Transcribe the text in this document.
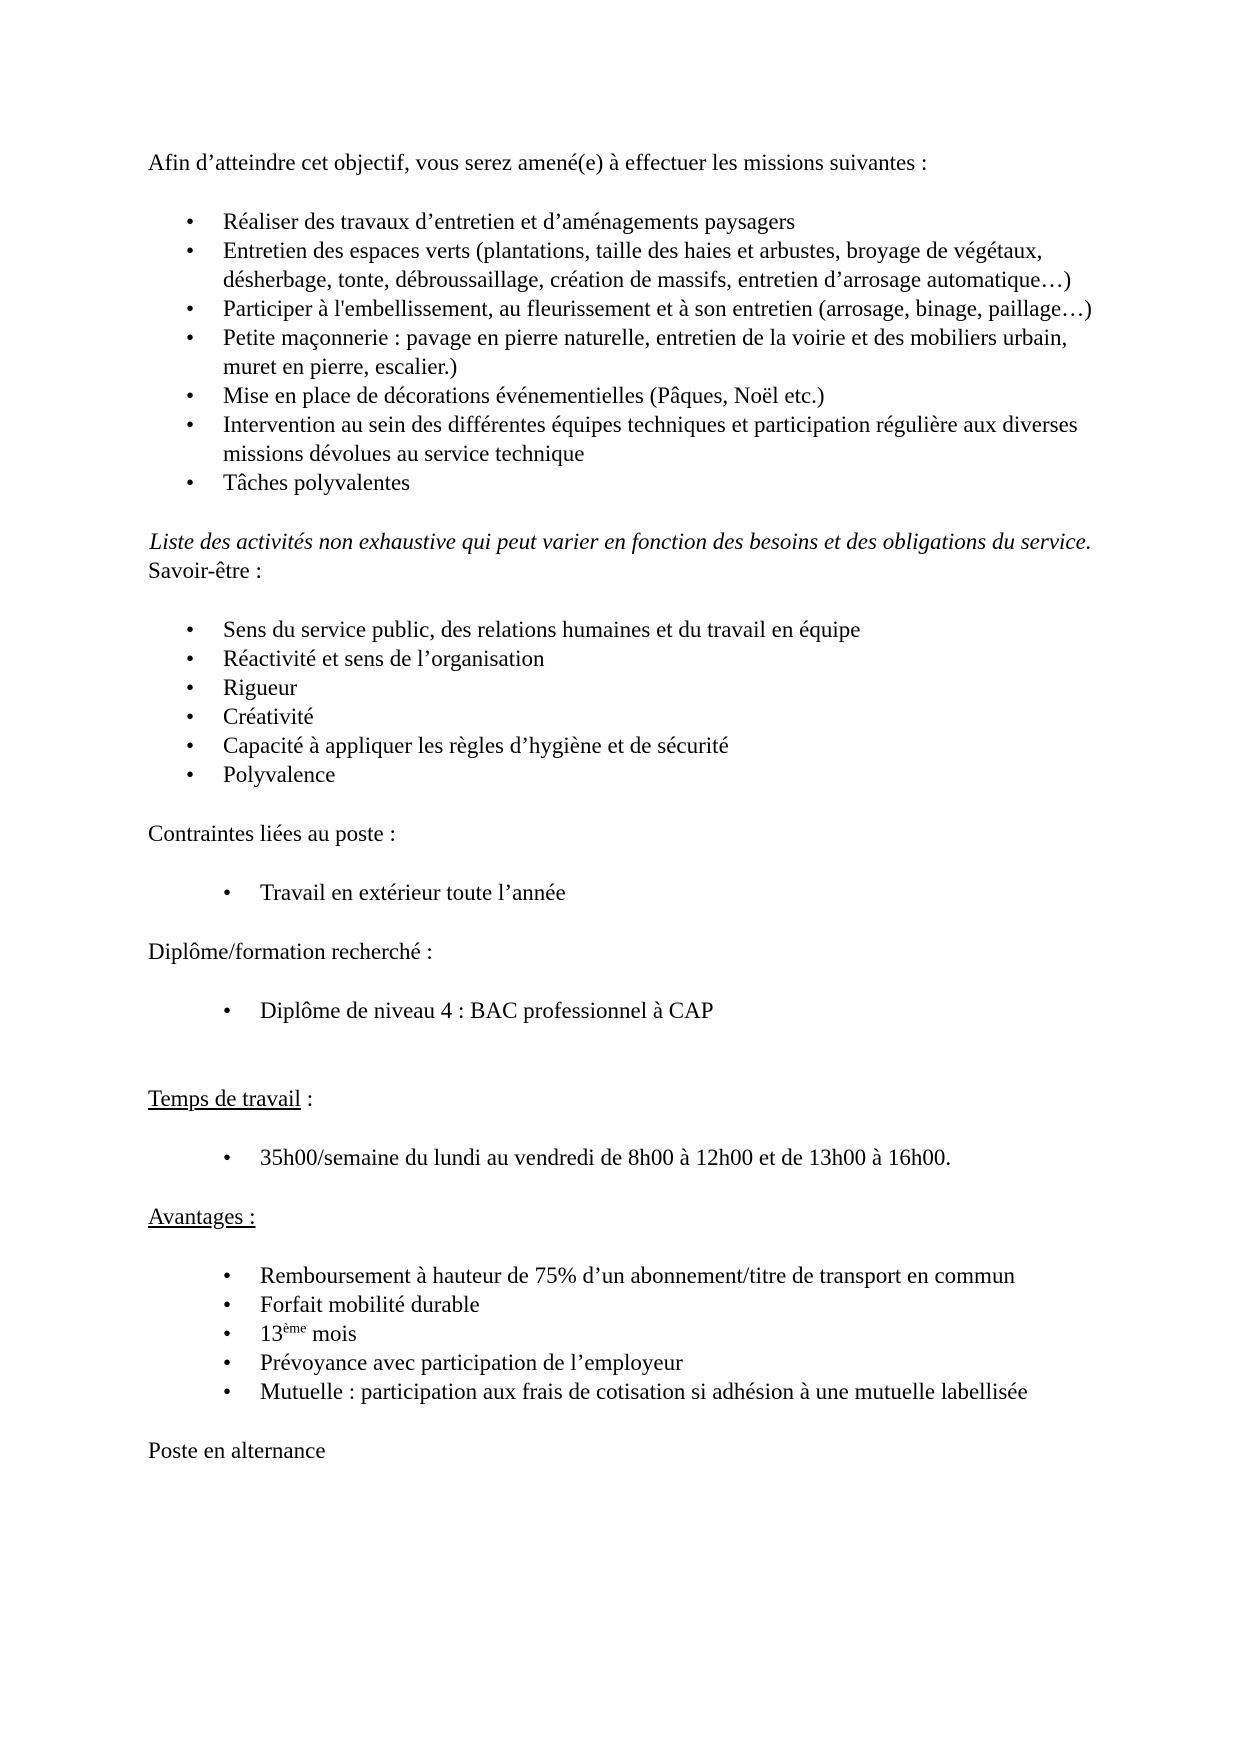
Afin d’atteindre cet objectif, vous serez amené(e) à effectuer les missions suivantes :

• Réaliser des travaux d’entretien et d’aménagements paysagers
• Entretien des espaces verts (plantations, taille des haies et arbustes, broyage de végétaux, désherbage, tonte, débroussaillage, création de massifs, entretien d’arrosage automatique…)
• Participer à l'embellissement, au fleurissement et à son entretien (arrosage, binage, paillage…)
• Petite maçonnerie : pavage en pierre naturelle, entretien de la voirie et des mobiliers urbain, muret en pierre, escalier.)
• Mise en place de décorations événementielles (Pâques, Noël etc.)
• Intervention au sein des différentes équipes techniques et participation régulière aux diverses missions dévolues au service technique
• Tâches polyvalentes

Liste des activités non exhaustive qui peut varier en fonction des besoins et des obligations du service.

Savoir-être :

• Sens du service public, des relations humaines et du travail en équipe
• Réactivité et sens de l’organisation
• Rigueur
• Créativité
• Capacité à appliquer les règles d’hygiène et de sécurité
• Polyvalence

Contraintes liées au poste :

• Travail en extérieur toute l’année

Diplôme/formation recherché :

• Diplôme de niveau 4 : BAC professionnel à CAP

Temps de travail :

• 35h00/semaine du lundi au vendredi de 8h00 à 12h00 et de 13h00 à 16h00.

Avantages :

• Remboursement à hauteur de 75% d’un abonnement/titre de transport en commun
• Forfait mobilité durable
• 13ème mois
• Prévoyance avec participation de l’employeur
• Mutuelle : participation aux frais de cotisation si adhésion à une mutuelle labellisée

Poste en alternance
